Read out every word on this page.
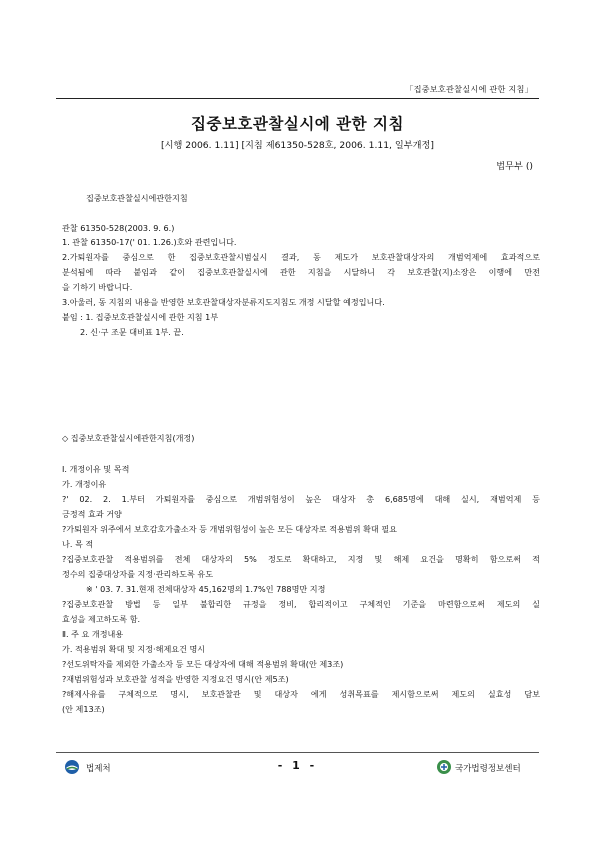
「집중보호관찰실시에 관한 지침」
집중보호관찰실시에 관한 지침
[시행 2006. 1.11] [지침 제61350-528호, 2006. 1.11, 일부개정]
법무부 ()
집중보호관찰실시에관한지침
관찰 61350-528(2003. 9. 6.)
1. 관찰 61350-17(' 01. 1.26.)호와 관련입니다.
2.가퇴원자를 중심으로 한 집중보호관찰시범실시 결과, 동 제도가 보호관찰대상자의 개범억제에 효과적으로
분석됨에 따라 붙임과 같이 집중보호관찰실시에 관한 지침을 시달하니 각 보호관찰(지)소장은 이행에 만전
을 기하기 바랍니다.
3.아울러, 동 지침의 내용을 반영한 보호관찰대상자분류지도지침도 개정 시달할 예정입니다.
붙임 : 1. 집중보호관찰실시에 관한 지침 1부
2. 신·구 조문 대비표 1부. 끝.
◇ 집중보호관찰실시에관한지침(개정)
Ⅰ. 개정이유 및 목적
가. 개정이유
?' 02. 2. 1.부터 가퇴원자를 중심으로 개범위험성이 높은 대상자 총 6,685명에 대해 실시, 재범억제 등
긍정적 효과 거양
?가퇴원자 위주에서 보호감호가출소자 등 개범위험성이 높은 모든 대상자로 적용범위 확대 필요
나. 목 적
?집중보호관찰 적용범위를 전체 대상자의 5% 정도로 확대하고, 지정 및 해제 요건을 명확히 함으로써 적
정수의 집중대상자를 지정·관리하도록 유도
※ ' 03. 7. 31.현재 전체대상자 45,162명의 1.7%인 788명만 지정
?집중보호관찰 방법 등 일부 불합리한 규정을 정비, 합리적이고 구체적인 기준을 마련함으로써 제도의 실
효성을 제고하도록 함.
Ⅱ. 주 요 개정내용
가. 적용범위 확대 및 지정·해제요건 명시
?선도위탁자를 제외한 가출소자 등 모든 대상자에 대해 적용범위 확대(안 제3조)
?재범위험성과 보호관찰 성적을 반영한 지정요건 명시(안 제5조)
?해제사유를 구체적으로 명시, 보호관찰관 및 대상자 에게 성취목표를 제시함으로써 제도의 실효성 담보
(안 제13조)
법제처	- 1 -	국가법령정보센터
